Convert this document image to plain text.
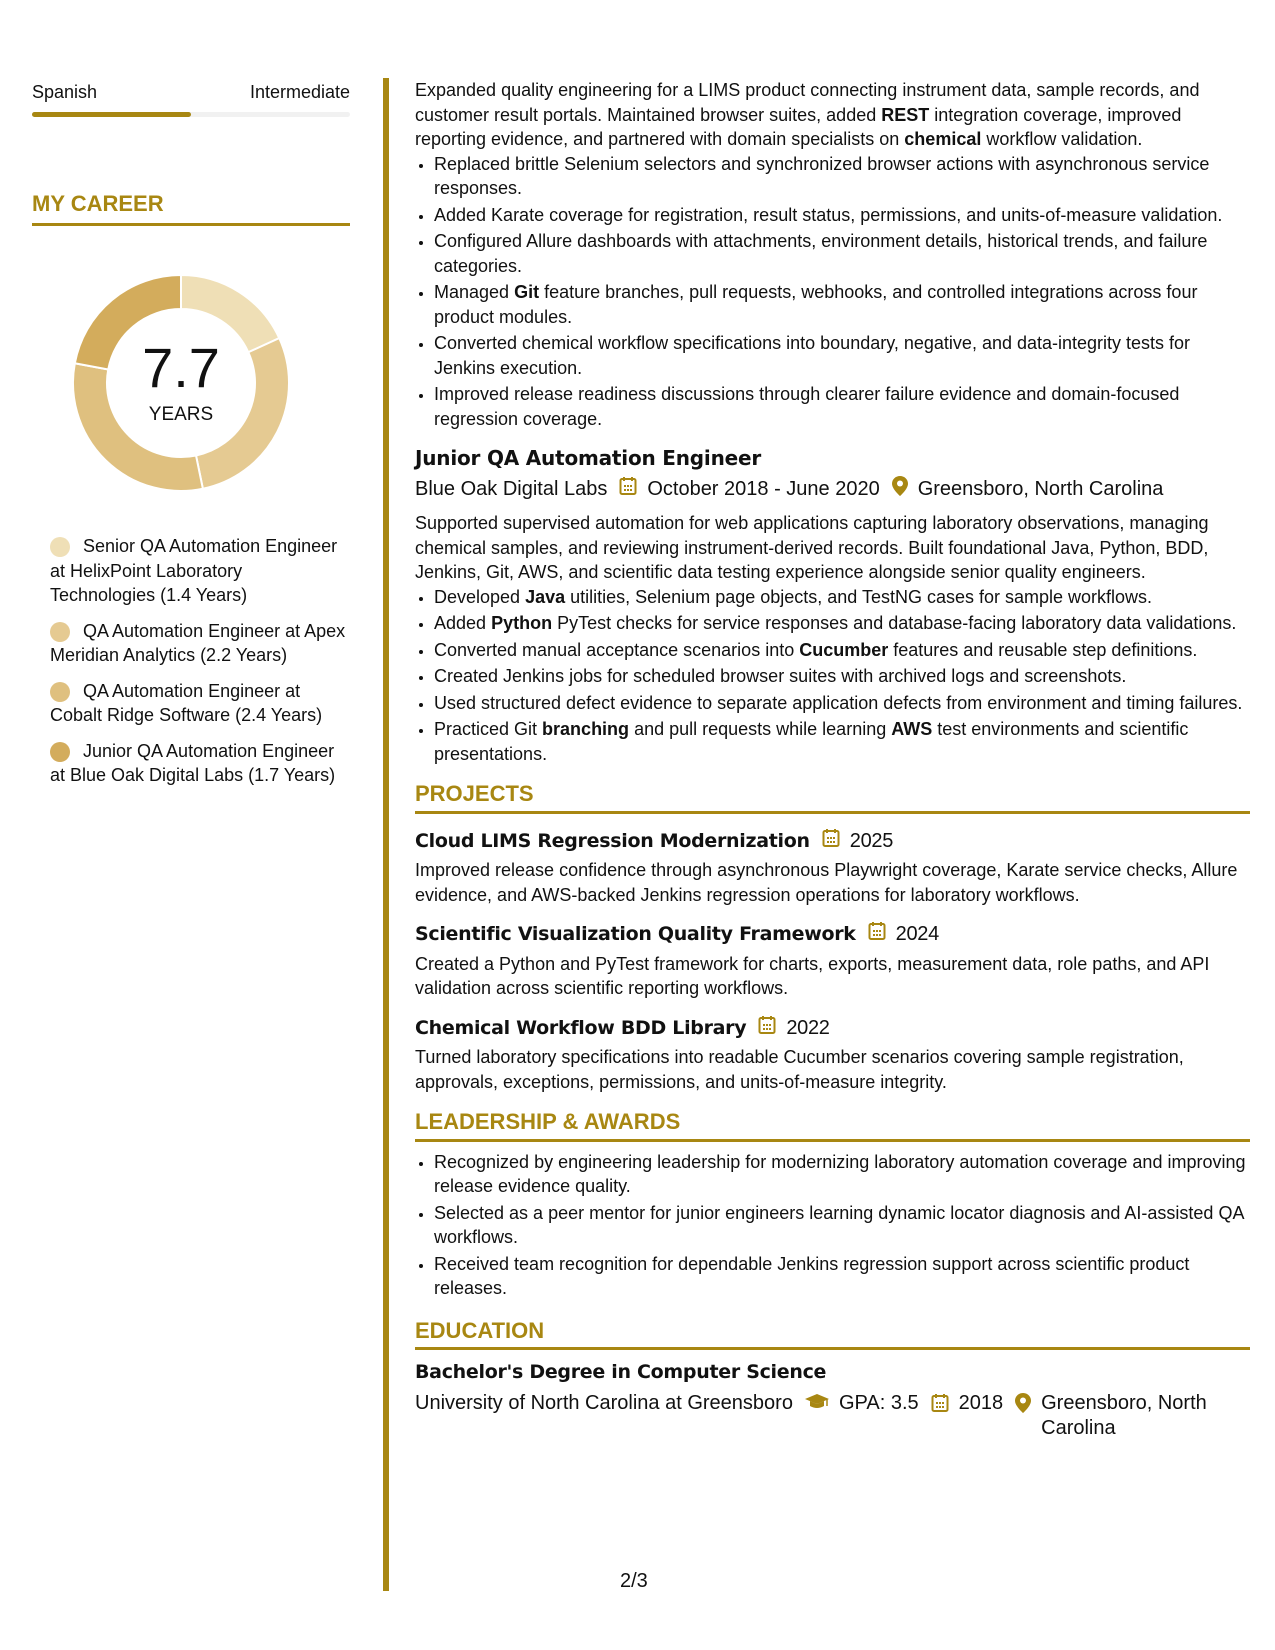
Spanish	Intermediate
MY CAREER
7.7
YEARS
Senior QA Automation Engineer at HelixPoint Laboratory Technologies (1.4 Years)
QA Automation Engineer at Apex Meridian Analytics (2.2 Years)
QA Automation Engineer at Cobalt Ridge Software (2.4 Years)
Junior QA Automation Engineer at Blue Oak Digital Labs (1.7 Years)

Expanded quality engineering for a LIMS product connecting instrument data, sample records, and customer result portals. Maintained browser suites, added REST integration coverage, improved reporting evidence, and partnered with domain specialists on chemical workflow validation.

• Replaced brittle Selenium selectors and synchronized browser actions with asynchronous service responses.
• Added Karate coverage for registration, result status, permissions, and units-of-measure validation.
• Configured Allure dashboards with attachments, environment details, historical trends, and failure categories.
• Managed Git feature branches, pull requests, webhooks, and controlled integrations across four product modules.
• Converted chemical workflow specifications into boundary, negative, and data-integrity tests for Jenkins execution.
• Improved release readiness discussions through clearer failure evidence and domain-focused regression coverage.
Junior QA Automation Engineer
Blue Oak Digital Labs October 2018 - June 2020 Greensboro, North Carolina

Supported supervised automation for web applications capturing laboratory observations, managing chemical samples, and reviewing instrument-derived records. Built foundational Java, Python, BDD, Jenkins, Git, AWS, and scientific data testing experience alongside senior quality engineers.

• Developed Java utilities, Selenium page objects, and TestNG cases for sample workflows.
• Added Python PyTest checks for service responses and database-facing laboratory data validations.
• Converted manual acceptance scenarios into Cucumber features and reusable step definitions.
• Created Jenkins jobs for scheduled browser suites with archived logs and screenshots.
• Used structured defect evidence to separate application defects from environment and timing failures.
• Practiced Git branching and pull requests while learning AWS test environments and scientific presentations.
PROJECTS
Cloud LIMS Regression Modernization 2025

Improved release confidence through asynchronous Playwright coverage, Karate service checks, Allure evidence, and AWS-backed Jenkins regression operations for laboratory workflows.

Scientific Visualization Quality Framework 2024

Created a Python and PyTest framework for charts, exports, measurement data, role paths, and API validation across scientific reporting workflows.

Chemical Workflow BDD Library 2022

Turned laboratory specifications into readable Cucumber scenarios covering sample registration, approvals, exceptions, permissions, and units-of-measure integrity.

LEADERSHIP & AWARDS
• Recognized by engineering leadership for modernizing laboratory automation coverage and improving release evidence quality.
• Selected as a peer mentor for junior engineers learning dynamic locator diagnosis and AI-assisted QA workflows.
• Received team recognition for dependable Jenkins regression support across scientific product releases.
EDUCATION
Bachelor's Degree in Computer Science
University of North Carolina at Greensboro GPA: 3.5 2018 Greensboro, North Carolina
2/3
